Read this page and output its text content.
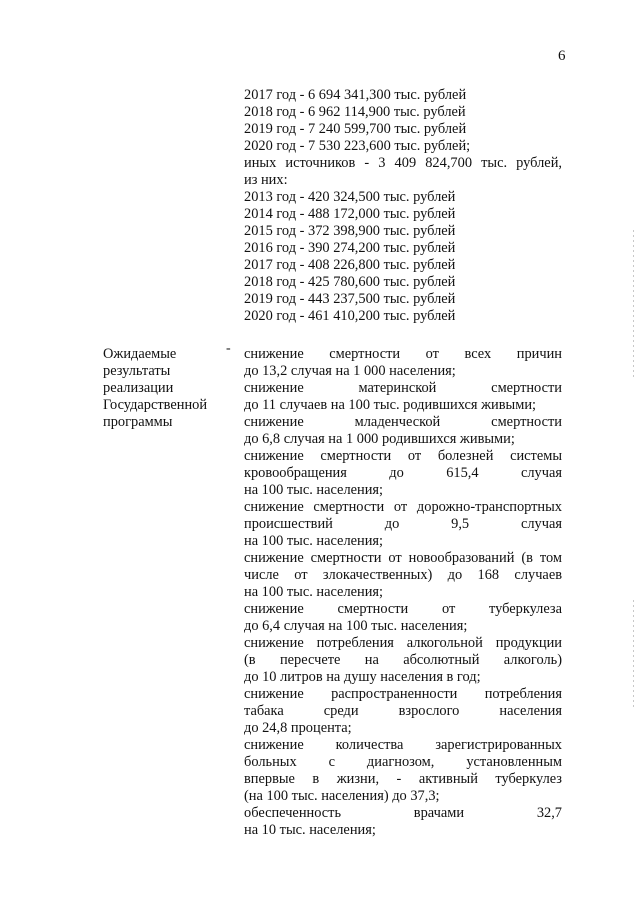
6
2017 год - 6 694 341,300 тыс. рублей
2018 год - 6 962 114,900 тыс. рублей
2019 год - 7 240 599,700 тыс. рублей
2020 год - 7 530 223,600 тыс. рублей;
иных источников - 3 409 824,700 тыс. рублей,
из них:
2013 год - 420 324,500 тыс. рублей
2014 год - 488 172,000 тыс. рублей
2015 год - 372 398,900 тыс. рублей
2016 год - 390 274,200 тыс. рублей
2017 год - 408 226,800 тыс. рублей
2018 год - 425 780,600 тыс. рублей
2019 год - 443 237,500 тыс. рублей
2020 год - 461 410,200 тыс. рублей
Ожидаемые
результаты
реализации
Государственной
программы
- снижение смертности от всех причин
до 13,2 случая на 1 000 населения;
снижение материнской смертности
до 11 случаев на 100 тыс. родившихся живыми;
снижение младенческой смертности
до 6,8 случая на 1 000 родившихся живыми;
снижение смертности от болезней системы
кровообращения до 615,4 случая
на 100 тыс. населения;
снижение смертности от дорожно-транспортных
происшествий до 9,5 случая
на 100 тыс. населения;
снижение смертности от новообразований (в том
числе от злокачественных) до 168 случаев
на 100 тыс. населения;
снижение смертности от туберкулеза
до 6,4 случая на 100 тыс. населения;
снижение потребления алкогольной продукции
(в пересчете на абсолютный алкоголь)
до 10 литров на душу населения в год;
снижение распространенности потребления
табака среди взрослого населения
до 24,8 процента;
снижение количества зарегистрированных
больных с диагнозом, установленным
впервые в жизни, - активный туберкулез
(на 100 тыс. населения) до 37,3;
обеспеченность врачами 32,7
на 10 тыс. населения;
